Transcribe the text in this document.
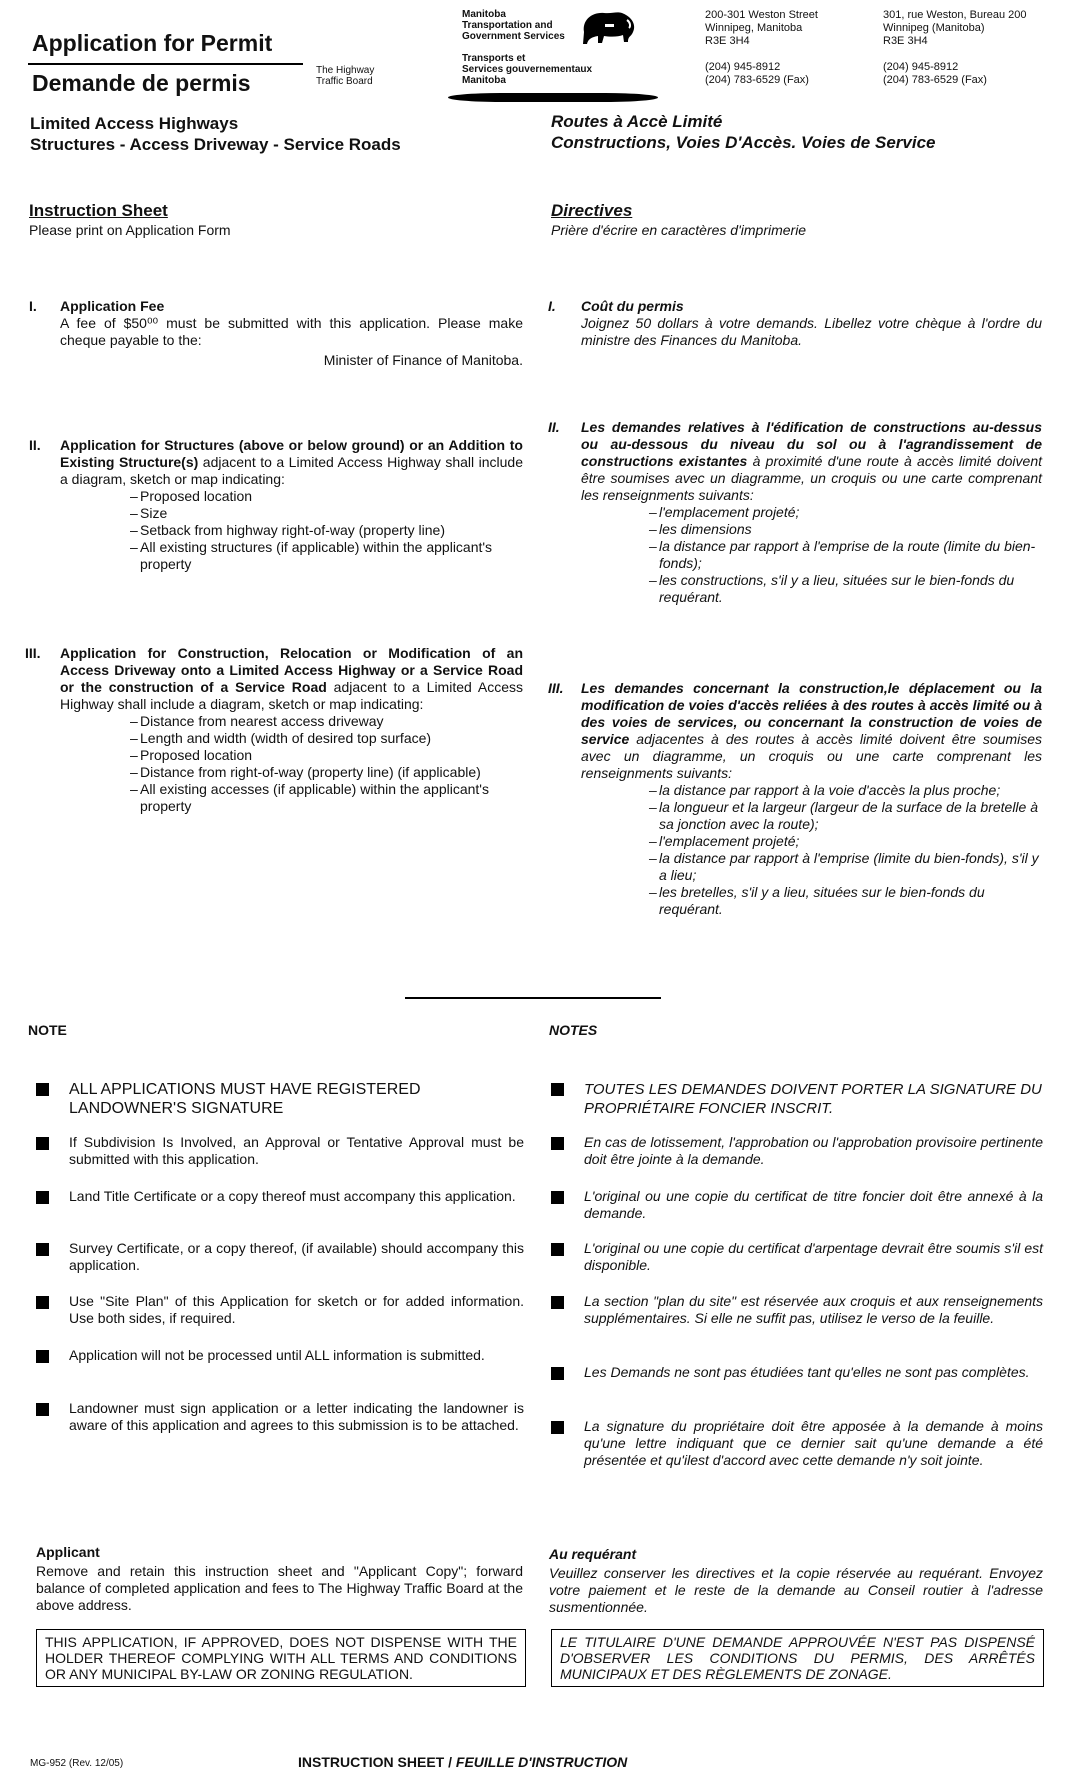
Application for Permit
Demande de permis	The Highway
Traffic Board
Manitoba
Transportation and
Government Services
Transports et
Services gouvernementaux
Manitoba
200-301 Weston Street
Winnipeg, Manitoba
R3E 3H4
(204) 945-8912
(204) 783-6529 (Fax)
301, rue Weston, Bureau 200
Winnipeg (Manitoba)
R3E 3H4
(204) 945-8912
(204) 783-6529 (Fax)
Limited Access Highways
Structures - Access Driveway - Service Roads
Routes à Accè Limité
Constructions, Voies D'Accès. Voies de Service
Instruction Sheet
Please print on Application Form
Directives
Prière d'écrire en caractères d'imprimerie
I. Application Fee
A fee of $50⁰⁰ must be submitted with this application. Please make cheque payable to the:
Minister of Finance of Manitoba.
II. Application for Structures (above or below ground) or an Addition to Existing Structure(s) adjacent to a Limited Access Highway shall include a diagram, sketch or map indicating:
– Proposed location
– Size
– Setback from highway right-of-way (property line)
– All existing structures (if applicable) within the applicant's property
III. Application for Construction, Relocation or Modification of an Access Driveway onto a Limited Access Highway or a Service Road or the construction of a Service Road adjacent to a Limited Access Highway shall include a diagram, sketch or map indicating:
– Distance from nearest access driveway
– Length and width (width of desired top surface)
– Proposed location
– Distance from right-of-way (property line) (if applicable)
– All existing accesses (if applicable) within the applicant's property
I. Coût du permis
Joignez 50 dollars à votre demands. Libellez votre chèque à l'ordre du ministre des Finances du Manitoba.
II. Les demandes relatives à l'édification de constructions au-dessus ou au-dessous du niveau du sol ou à l'agrandissement de constructions existantes à proximité d'une route à accès limité doivent être soumises avec un diagramme, un croquis ou une carte comprenant les renseignments suivants:
– l'emplacement projeté;
– les dimensions
– la distance par rapport à l'emprise de la route (limite du bien-fonds);
– les constructions, s'il y a lieu, situées sur le bien-fonds du requérant.
III. Les demandes concernant la construction,le déplacement ou la modification de voies d'accès reliées à des routes à accès limité ou à des voies de services, ou concernant la construction de voies de service adjacentes à des routes à accès limité doivent être soumises avec un diagramme, un croquis ou une carte comprenant les renseignments suivants:
– la distance par rapport à la voie d'accès la plus proche;
– la longueur et la largeur (largeur de la surface de la bretelle à sa jonction avec la route);
– l'emplacement projeté;
– la distance par rapport à l'emprise (limite du bien-fonds), s'il y a lieu;
– les bretelles, s'il y a lieu, situées sur le bien-fonds du requérant.
NOTE	NOTES
ALL APPLICATIONS MUST HAVE REGISTERED LANDOWNER'S SIGNATURE
If Subdivision Is Involved, an Approval or Tentative Approval must be submitted with this application.
Land Title Certificate or a copy thereof must accompany this application.
Survey Certificate, or a copy thereof, (if available) should accompany this application.
Use "Site Plan" of this Application for sketch or for added information. Use both sides, if required.
Application will not be processed until ALL information is submitted.
Landowner must sign application or a letter indicating the landowner is aware of this application and agrees to this submission is to be attached.
TOUTES LES DEMANDES DOIVENT PORTER LA SIGNATURE DU PROPRIÉTAIRE FONCIER INSCRIT.
En cas de lotissement, l'approbation ou l'approbation provisoire pertinente doit être jointe à la demande.
L'original ou une copie du certificat de titre foncier doit être annexé à la demande.
L'original ou une copie du certificat d'arpentage devrait être soumis s'il est disponible.
La section "plan du site" est réservée aux croquis et aux renseignements supplémentaires. Si elle ne suffit pas, utilisez le verso de la feuille.
Les Demands ne sont pas étudiées tant qu'elles ne sont pas complètes.
La signature du propriétaire doit être apposée à la demande à moins qu'une lettre indiquant que ce dernier sait qu'une demande a été présentée et qu'ilest d'accord avec cette demande n'y soit jointe.
Applicant
Remove and retain this instruction sheet and "Applicant Copy"; forward balance of completed application and fees to The Highway Traffic Board at the above address.
Au requérant
Veuillez conserver les directives et la copie réservée au requérant. Envoyez votre paiement et le reste de la demande au Conseil routier à l'adresse susmentionnée.
THIS APPLICATION, IF APPROVED, DOES NOT DISPENSE WITH THE HOLDER THEREOF COMPLYING WITH ALL TERMS AND CONDITIONS OR ANY MUNICIPAL BY-LAW OR ZONING REGULATION.
LE TITULAIRE D'UNE DEMANDE APPROUVÉE N'EST PAS DISPENSÉ D'OBSERVER LES CONDITIONS DU PERMIS, DES ARRÊTÉS MUNICIPAUX ET DES RÈGLEMENTS DE ZONAGE.
MG-952 (Rev. 12/05)	INSTRUCTION SHEET / FEUILLE D'INSTRUCTION
